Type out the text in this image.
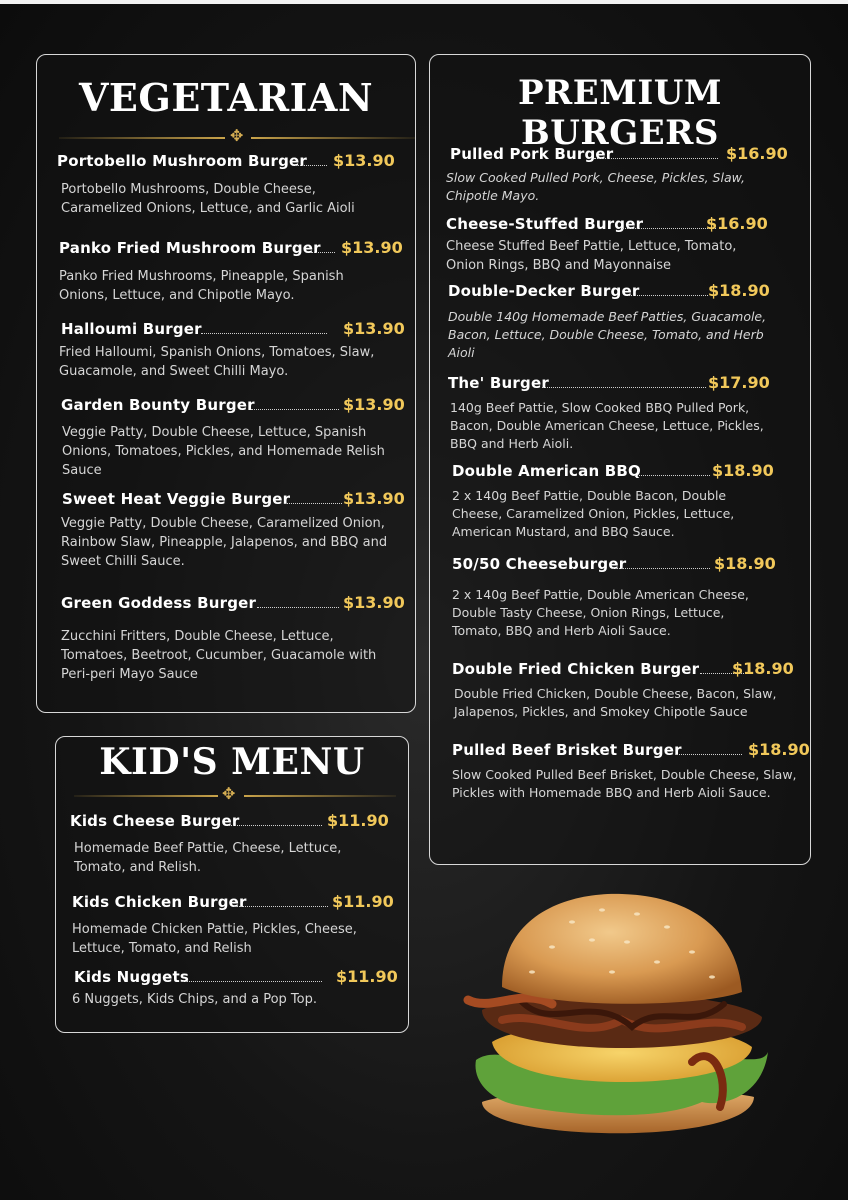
VEGETARIAN
✥
Portobello Mushroom Burger $13.90
Portobello Mushrooms, Double Cheese, Caramelized Onions, Lettuce, and Garlic Aioli
Panko Fried Mushroom Burger $13.90
Panko Fried Mushrooms, Pineapple, Spanish Onions, Lettuce, and Chipotle Mayo.
Halloumi Burger	$13.90
Fried Halloumi, Spanish Onions, Tomatoes, Slaw, Guacamole, and Sweet Chilli Mayo.
Garden Bounty Burger	$13.90
Veggie Patty, Double Cheese, Lettuce, Spanish Onions, Tomatoes, Pickles, and Homemade Relish Sauce
Sweet Heat Veggie Burger	$13.90
Veggie Patty, Double Cheese, Caramelized Onion, Rainbow Slaw, Pineapple, Jalapenos, and BBQ and Sweet Chilli Sauce.
Green Goddess Burger	$13.90
Zucchini Fritters, Double Cheese, Lettuce, Tomatoes, Beetroot, Cucumber, Guacamole with Peri-peri Mayo Sauce
KID'S MENU
✥
Kids Cheese Burger	$11.90
Homemade Beef Pattie, Cheese, Lettuce, Tomato, and Relish.
Kids Chicken Burger	$11.90
Homemade Chicken Pattie, Pickles, Cheese, Lettuce, Tomato, and Relish
Kids Nuggets	$11.90
6 Nuggets, Kids Chips, and a Pop Top.
PREMIUM BURGERS
Pulled Pork Burger	$16.90
Slow Cooked Pulled Pork, Cheese, Pickles, Slaw, Chipotle Mayo.
Cheese-Stuffed Burger	$16.90
Cheese Stuffed Beef Pattie, Lettuce, Tomato, Onion Rings, BBQ and Mayonnaise
Double-Decker Burger	$18.90
Double 140g Homemade Beef Patties, Guacamole, Bacon, Lettuce, Double Cheese, Tomato, and Herb Aioli
The' Burger	$17.90
140g Beef Pattie, Slow Cooked BBQ Pulled Pork, Bacon, Double American Cheese, Lettuce, Pickles, BBQ and Herb Aioli.
Double American BBQ	$18.90
2 x 140g Beef Pattie, Double Bacon, Double Cheese, Caramelized Onion, Pickles, Lettuce, American Mustard, and BBQ Sauce.
50/50 Cheeseburger	$18.90
2 x 140g Beef Pattie, Double American Cheese, Double Tasty Cheese, Onion Rings, Lettuce, Tomato, BBQ and Herb Aioli Sauce.
Double Fried Chicken Burger $18.90
Double Fried Chicken, Double Cheese, Bacon, Slaw, Jalapenos, Pickles, and Smokey Chipotle Sauce
Pulled Beef Brisket Burger	$18.90
Slow Cooked Pulled Beef Brisket, Double Cheese, Slaw, Pickles with Homemade BBQ and Herb Aioli Sauce.
